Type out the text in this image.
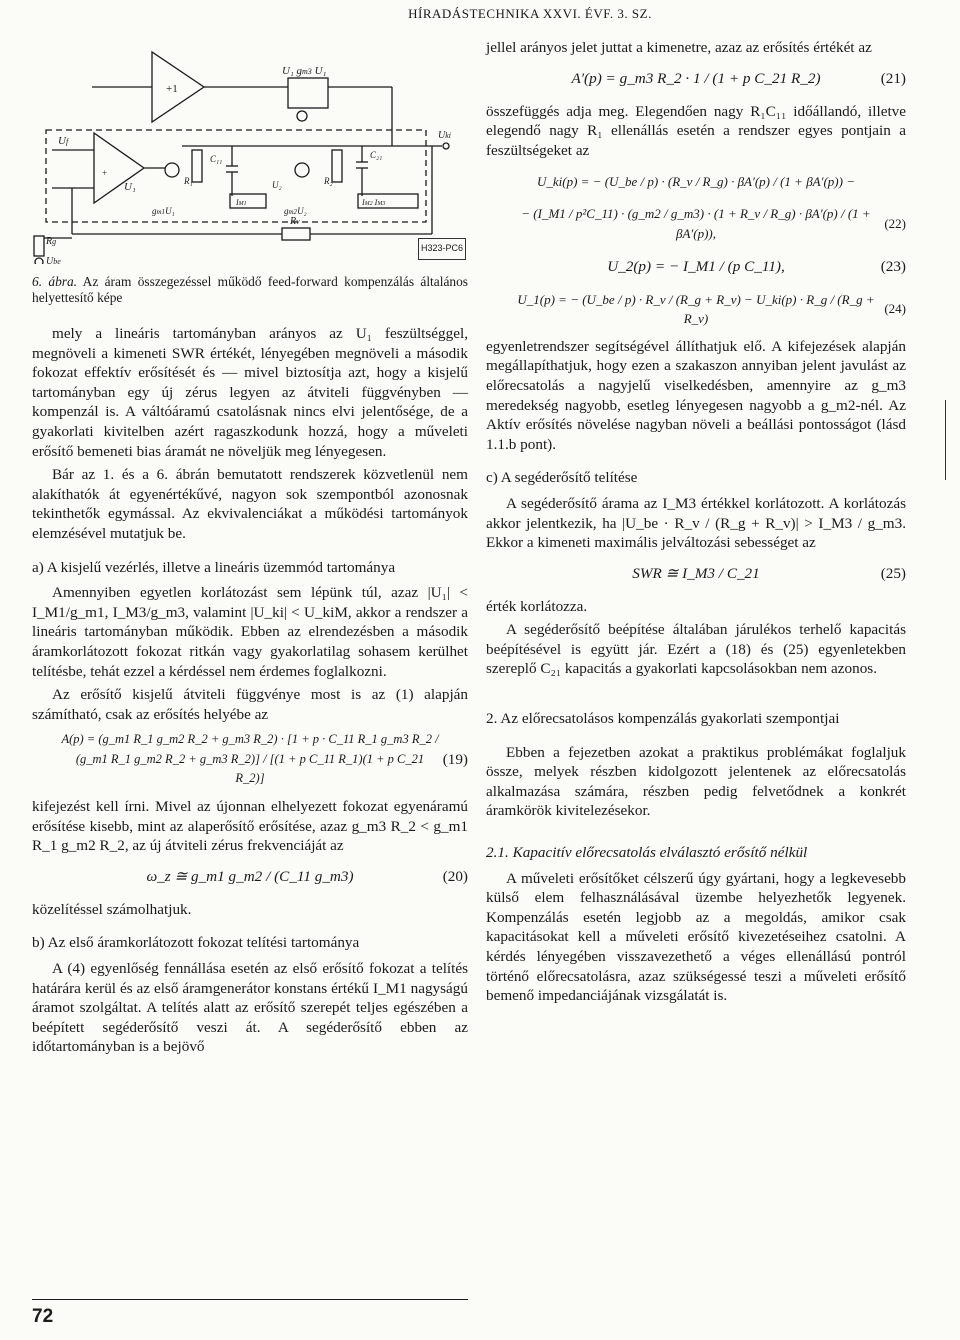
HÍRADÁSTECHNIKA XXVI. ÉVF. 3. SZ.
+1
U₁ gm3 U₁
+
Uf
U₁	R₁
C₁₁
gm1U₁
IM1
U₂	R₂
C₂₁
gm2U₂
IM2 IM3
Uki
Rv
Rg
Ube
H323-PC6
6. ábra. Az áram összegezéssel működő feed-forward kompenzálás általános helyettesítő képe

mely a lineáris tartományban arányos az U₁ feszültséggel, megnöveli a kimeneti SWR értékét, lényegében megnöveli a második fokozat effektív erősítését és — mivel biztosítja azt, hogy a kisjelű tartományban egy új zérus legyen az átviteli függvényben — kompenzál is. A váltóáramú csatolásnak nincs elvi jelentősége, de a gyakorlati kivitelben azért ragaszkodunk hozzá, hogy a műveleti erősítő bemeneti bias áramát ne növeljük meg lényegesen.

Bár az 1. és a 6. ábrán bemutatott rendszerek közvetlenül nem alakíthatók át egyenértékűvé, nagyon sok szempontból azonosnak tekinthetők egymással. Az ekvivalenciákat a működési tartományok elemzésével mutatjuk be.

a) A kisjelű vezérlés, illetve a lineáris üzemmód tartománya

Amennyiben egyetlen korlátozást sem lépünk túl, azaz |U₁| < I_M1/g_m1, I_M3/g_m3, valamint |U_ki| < U_kiM, akkor a rendszer a lineáris tartományban működik. Ebben az elrendezésben a második áramkorlátozott fokozat ritkán vagy gyakorlatilag sohasem kerülhet telítésbe, tehát ezzel a kérdéssel nem érdemes foglalkozni.

Az erősítő kisjelű átviteli függvénye most is az (1) alapján számítható, csak az erősítés helyébe az

A(p) = (g_m1 R_1 g_m2 R_2 + g_m3 R_2) · [1 + p · C_11 R_1 g_m3 R_2 / (g_m1 R_1 g_m2 R_2 + g_m3 R_2)] / [(1 + p C_11 R_1)(1 + p C_21 R_2)]
(19)

kifejezést kell írni. Mivel az újonnan elhelyezett fokozat egyenáramú erősítése kisebb, mint az alaperősítő erősítése, azaz g_m3 R_2 < g_m1 R_1 g_m2 R_2, az új átviteli zérus frekvenciáját az

ω_z ≅ g_m1 g_m2 / (C_11 g_m3)	(20)

közelítéssel számolhatjuk.

b) Az első áramkorlátozott fokozat telítési tartománya

A (4) egyenlőség fennállása esetén az első erősítő fokozat a telítés határára kerül és az első áramgenerátor konstans értékű I_M1 nagyságú áramot szolgáltat. A telítés alatt az erősítő szerepét teljes egészében a beépített segéderősítő veszi át. A segéderősítő ebben az időtartományban is a bejövő

72

jellel arányos jelet juttat a kimenetre, azaz az erősítés értékét az

A′(p) = g_m3 R_2 · 1 / (1 + p C_21 R_2)	(21)

összefüggés adja meg. Elegendően nagy R₁C₁₁ időállandó, illetve elegendő nagy R₁ ellenállás esetén a rendszer egyes pontjain a feszültségeket az

U_ki(p) = − (U_be / p) · (R_v / R_g) · βA′(p) / (1 + βA′(p)) −
− (I_M1 / p²C_11) · (g_m2 / g_m3) · (1 + R_v / R_g) · βA′(p) / (1 + βA′(p)),
(22)
U_2(p) = − I_M1 / (p C_11),	(23)
U_1(p) = − (U_be / p) · R_v / (R_g + R_v) − U_ki(p) · R_g / (R_g + R_v)
(24)

egyenletrendszer segítségével állíthatjuk elő. A kifejezések alapján megállapíthatjuk, hogy ezen a szakaszon annyiban jelent javulást az előrecsatolás a nagyjelű viselkedésben, amennyire az g_m3 meredekség nagyobb, esetleg lényegesen nagyobb a g_m2-nél. Az Aktív erősítés növelése nagyban növeli a beállási pontosságot (lásd 1.1.b pont).

c) A segéderősítő telítése

A segéderősítő árama az I_M3 értékkel korlátozott. A korlátozás akkor jelentkezik, ha |U_be · R_v / (R_g + R_v)| > I_M3 / g_m3. Ekkor a kimeneti maximális jelváltozási sebességet az

SWR ≅ I_M3 / C_21	(25)

érték korlátozza.

A segéderősítő beépítése általában járulékos terhelő kapacitás beépítésével is együtt jár. Ezért a (18) és (25) egyenletekben szereplő C₂₁ kapacitás a gyakorlati kapcsolásokban nem azonos.

2. Az előrecsatolásos kompenzálás gyakorlati szempontjai

Ebben a fejezetben azokat a praktikus problémákat foglaljuk össze, melyek részben kidolgozott jelentenek az előrecsatolás alkalmazása számára, részben pedig felvetődnek a konkrét áramkörök kivitelezésekor.

2.1. Kapacitív előrecsatolás elválasztó erősítő nélkül

A műveleti erősítőket célszerű úgy gyártani, hogy a legkevesebb külső elem felhasználásával üzembe helyezhetők legyenek. Kompenzálás esetén legjobb az a megoldás, amikor csak kapacitásokat kell a műveleti erősítő kivezetéseihez csatolni. A kérdés lényegében visszavezethető a véges ellenállású pontról történő előrecsatolásra, azaz szükségessé teszi a műveleti erősítő bemenő impedanciájának vizsgálatát is.
